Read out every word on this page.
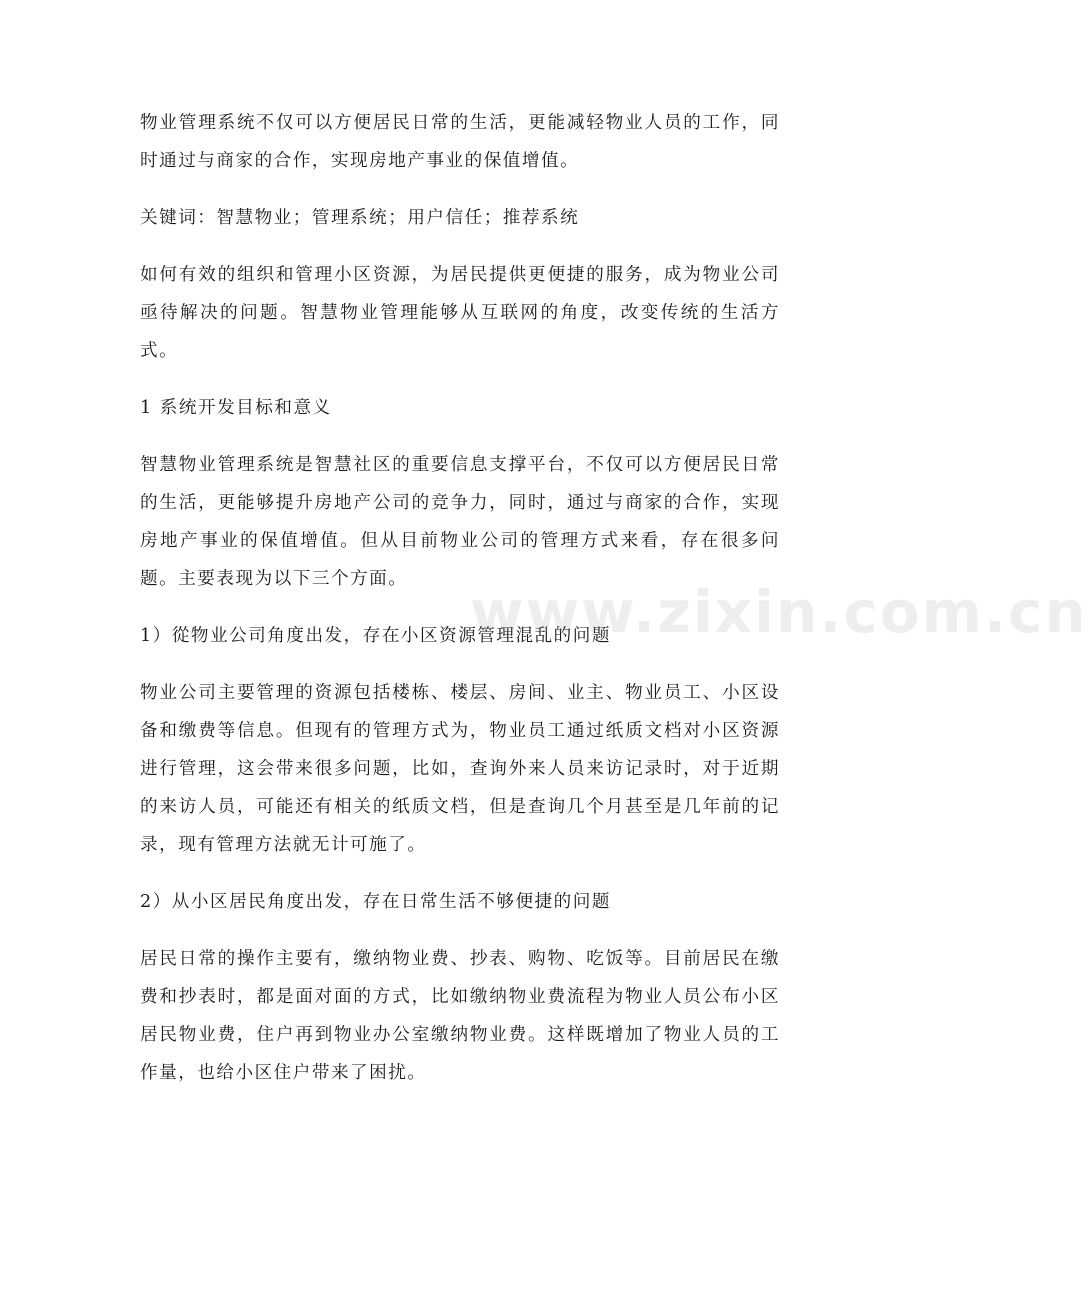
物业管理系统不仅可以方便居民日常的生活，更能减轻物业人员的工作，同时通过与商家的合作，实现房地产事业的保值增值。

关键词：智慧物业；管理系统；用户信任；推荐系统

如何有效的组织和管理小区资源，为居民提供更便捷的服务，成为物业公司亟待解决的问题。智慧物业管理能够从互联网的角度，改变传统的生活方式。

1 系统开发目标和意义

智慧物业管理系统是智慧社区的重要信息支撑平台，不仅可以方便居民日常的生活，更能够提升房地产公司的竞争力，同时，通过与商家的合作，实现房地产事业的保值增值。但从目前物业公司的管理方式来看，存在很多问题。主要表现为以下三个方面。

1）從物业公司角度出发，存在小区资源管理混乱的问题

物业公司主要管理的资源包括楼栋、楼层、房间、业主、物业员工、小区设备和缴费等信息。但现有的管理方式为，物业员工通过纸质文档对小区资源进行管理，这会带来很多问题，比如，查询外来人员来访记录时，对于近期的来访人员，可能还有相关的纸质文档，但是查询几个月甚至是几年前的记录，现有管理方法就无计可施了。

2）从小区居民角度出发，存在日常生活不够便捷的问题

居民日常的操作主要有，缴纳物业费、抄表、购物、吃饭等。目前居民在缴费和抄表时，都是面对面的方式，比如缴纳物业费流程为物业人员公布小区居民物业费，住户再到物业办公室缴纳物业费。这样既增加了物业人员的工作量，也给小区住户带来了困扰。

www.zixin.com.cn
